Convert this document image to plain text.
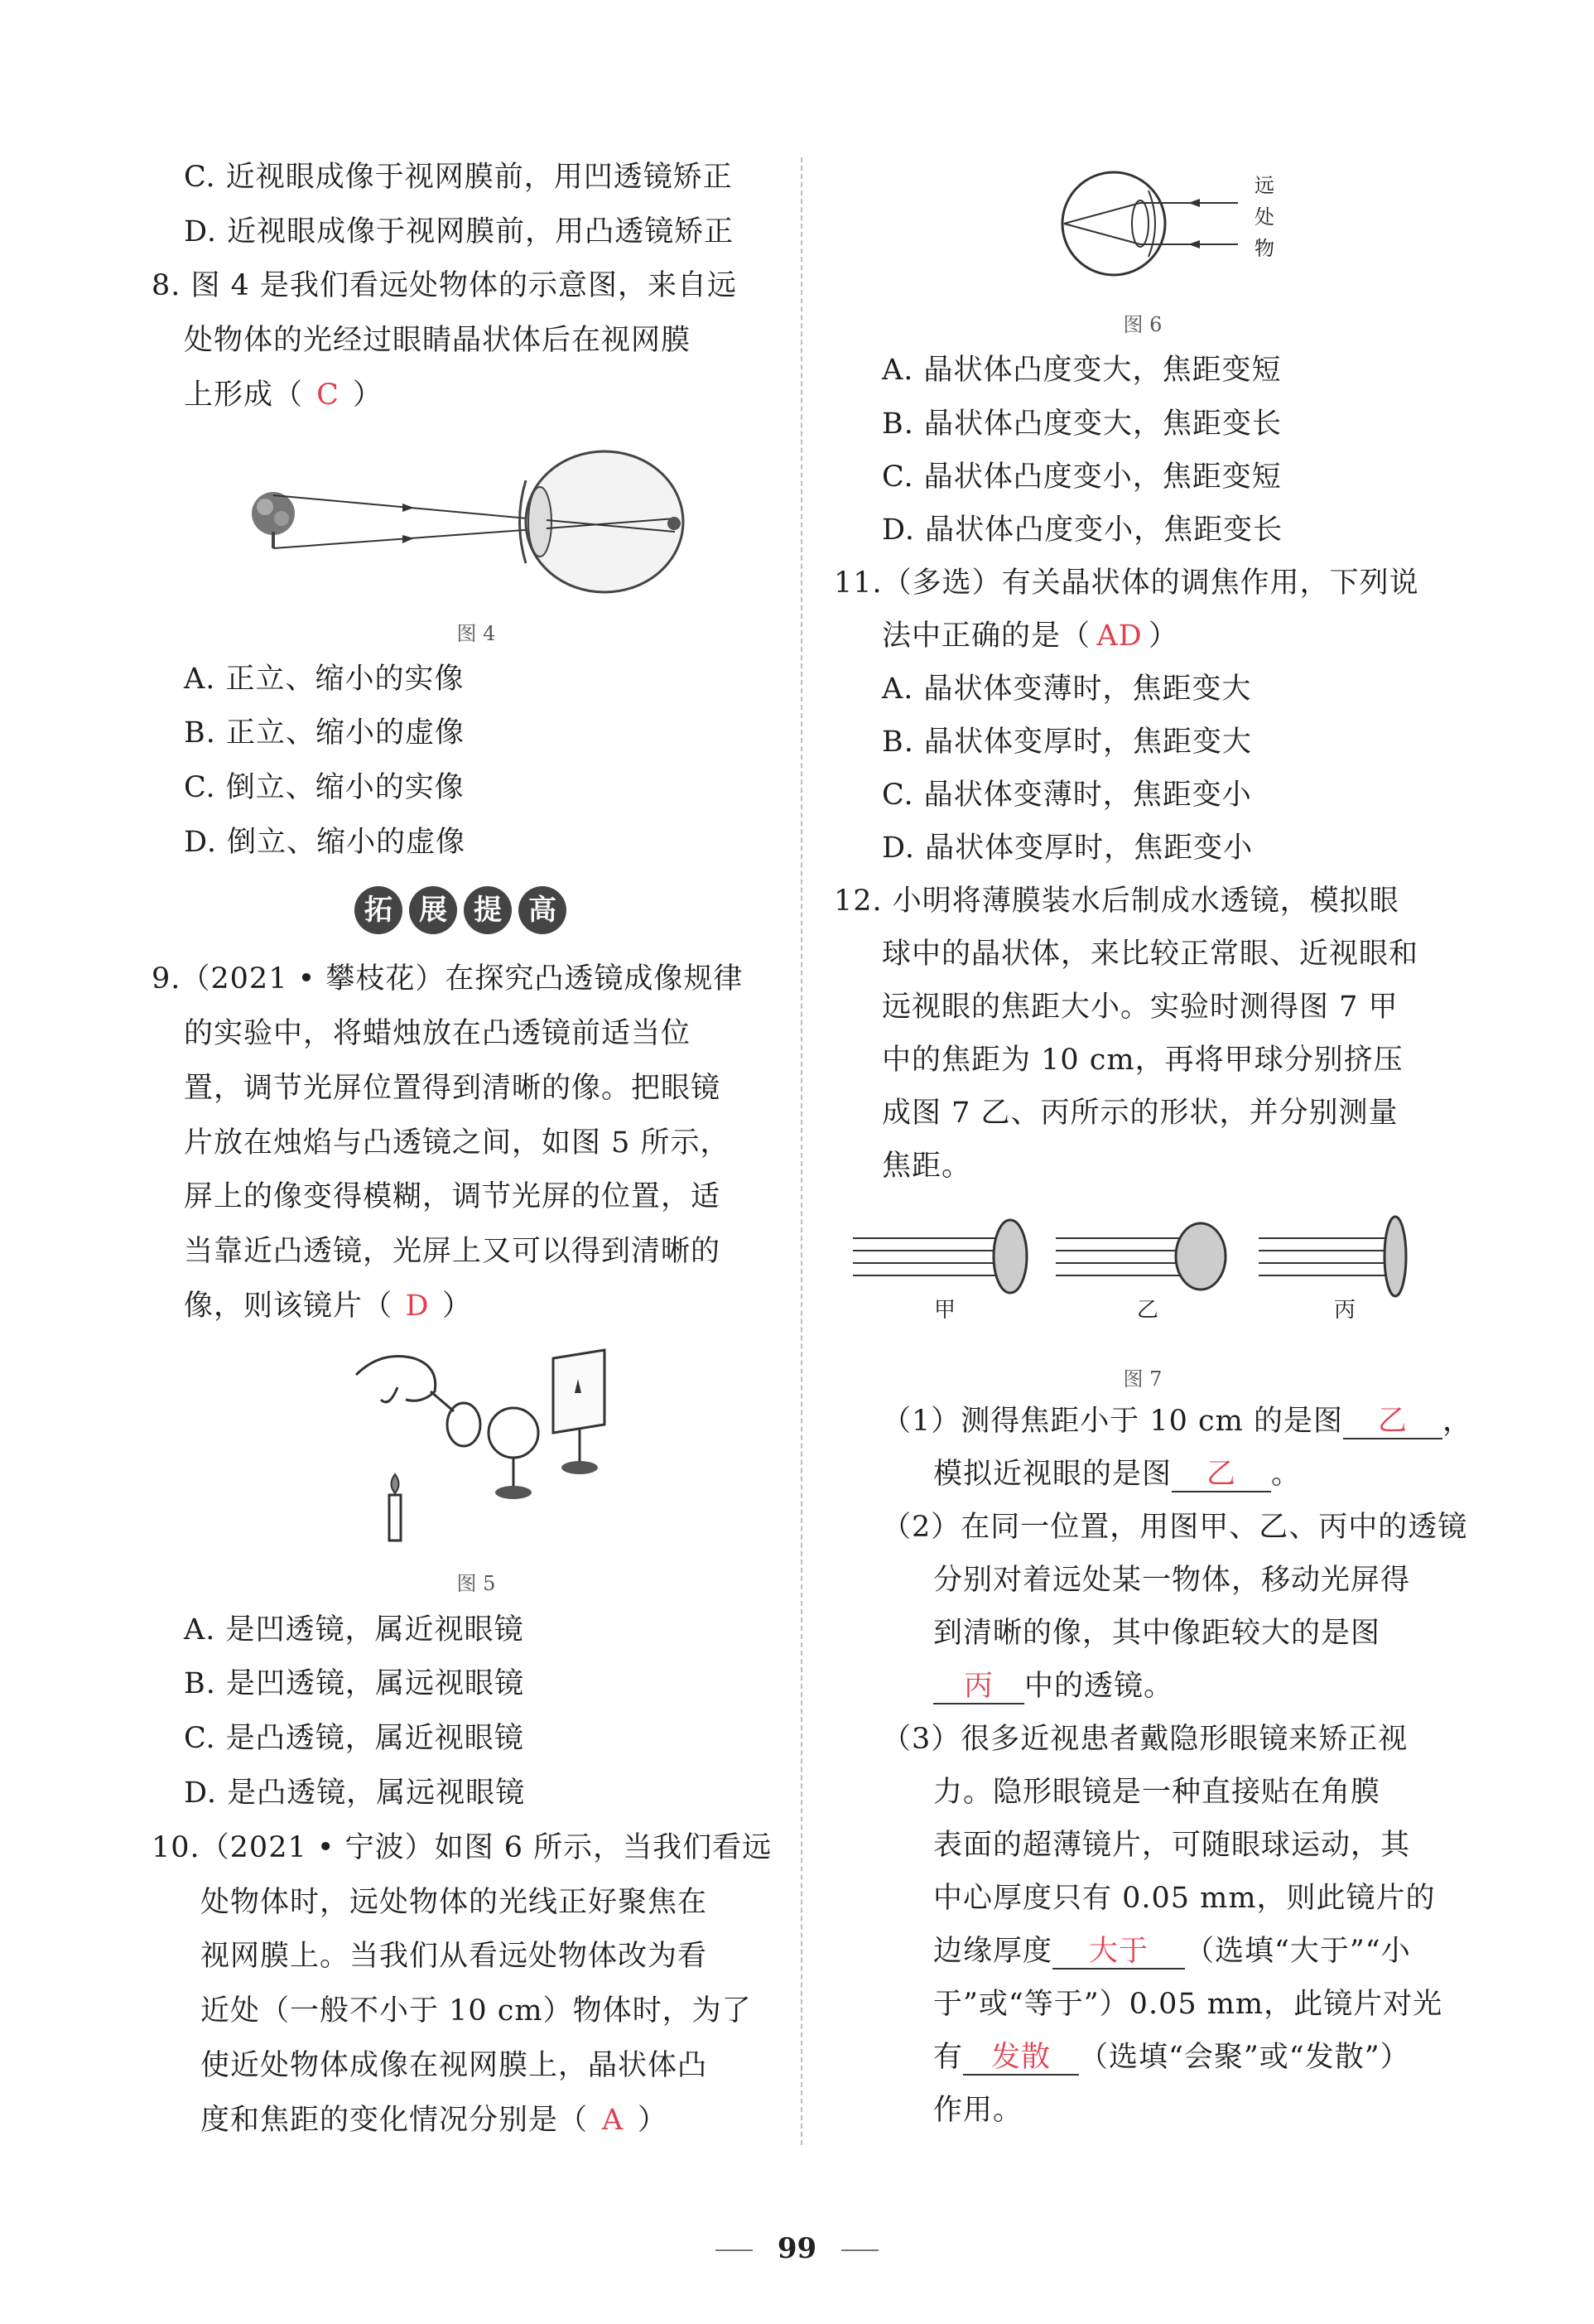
C. 近视眼成像于视网膜前，用凹透镜矫正
D. 近视眼成像于视网膜前，用凸透镜矫正
8. 图 4 是我们看远处物体的示意图，来自远
处物体的光经过眼睛晶状体后在视网膜
上形成（ C ）
图 4
A. 正立、缩小的实像
B. 正立、缩小的虚像
C. 倒立、缩小的实像
D. 倒立、缩小的虚像
拓 展 提 高
9.（2021 • 攀枝花）在探究凸透镜成像规律
的实验中，将蜡烛放在凸透镜前适当位
置，调节光屏位置得到清晰的像。把眼镜
片放在烛焰与凸透镜之间，如图 5 所示，
屏上的像变得模糊，调节光屏的位置，适
当靠近凸透镜，光屏上又可以得到清晰的
像，则该镜片（ D ）
图 5
A. 是凹透镜，属近视眼镜
B. 是凹透镜，属远视眼镜
C. 是凸透镜，属近视眼镜
D. 是凸透镜，属远视眼镜
10.（2021 • 宁波）如图 6 所示，当我们看远
处物体时，远处物体的光线正好聚焦在
视网膜上。当我们从看远处物体改为看
近处（一般不小于 10 cm）物体时，为了
使近处物体成像在视网膜上，晶状体凸
度和焦距的变化情况分别是（ A ）
远
处
物
图 6
A. 晶状体凸度变大，焦距变短
B. 晶状体凸度变大，焦距变长
C. 晶状体凸度变小，焦距变短
D. 晶状体凸度变小，焦距变长
11.（多选）有关晶状体的调焦作用，下列说
法中正确的是（ AD ）
A. 晶状体变薄时，焦距变大
B. 晶状体变厚时，焦距变大
C. 晶状体变薄时，焦距变小
D. 晶状体变厚时，焦距变小
12. 小明将薄膜装水后制成水透镜，模拟眼
球中的晶状体，来比较正常眼、近视眼和
远视眼的焦距大小。实验时测得图 7 甲
中的焦距为 10 cm，再将甲球分别挤压
成图 7 乙、丙所示的形状，并分别测量
焦距。
甲	乙	丙
图 7
（1）测得焦距小于 10 cm 的是图 乙 ，
模拟近视眼的是图 乙 。
（2）在同一位置，用图甲、乙、丙中的透镜
分别对着远处某一物体，移动光屏得
到清晰的像，其中像距较大的是图
丙 中的透镜。
（3）很多近视患者戴隐形眼镜来矫正视
力。隐形眼镜是一种直接贴在角膜
表面的超薄镜片，可随眼球运动，其
中心厚度只有 0.05 mm，则此镜片的
边缘厚度 大于 （选填“大于”“小
于”或“等于”）0.05 mm，此镜片对光
有 发散 （选填“会聚”或“发散”）
作用。
99
